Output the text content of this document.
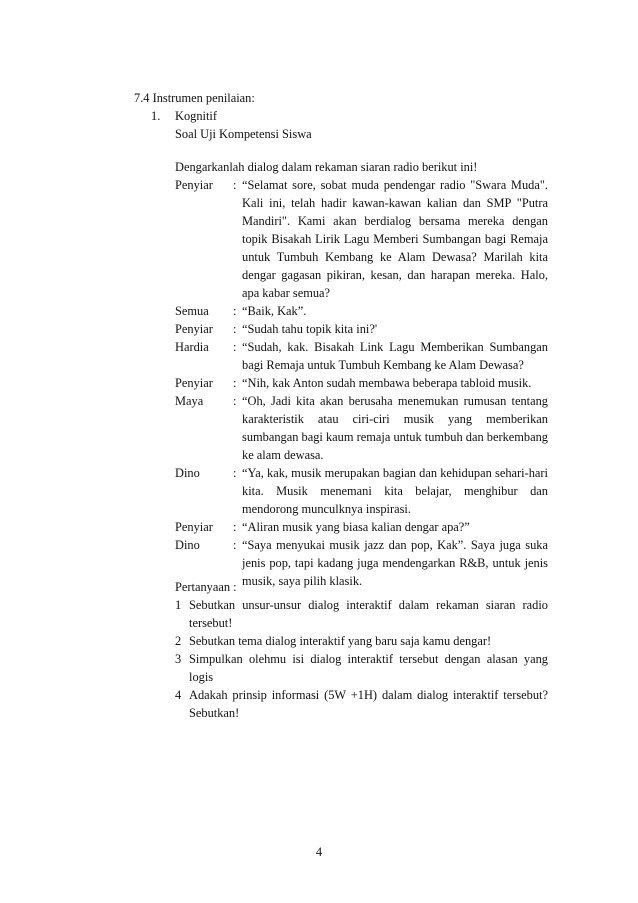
7.4 Instrumen penilaian:
1. Kognitif
Soal Uji Kompetensi Siswa
Dengarkanlah dialog dalam rekaman siaran radio berikut ini!
Penyiar	: “Selamat sore, sobat muda pendengar radio "Swara Muda". Kali ini, telah hadir kawan-kawan kalian dan SMP "Putra Mandiri". Kami akan berdialog bersama mereka dengan topik Bisakah Lirik Lagu Memberi Sumbangan bagi Remaja untuk Tumbuh Kembang ke Alam Dewasa? Marilah kita dengar gagasan pikiran, kesan, dan harapan mereka. Halo, apa kabar semua?
Semua	: “Baik, Kak”.
Penyiar	: “Sudah tahu topik kita ini?'
Hardia	: “Sudah, kak. Bisakah Link Lagu Memberikan Sumbangan bagi Remaja untuk Tumbuh Kembang ke Alam Dewasa?
Penyiar	: “Nih, kak Anton sudah membawa beberapa tabloid musik.
Maya	: “Oh, Jadi kita akan berusaha menemukan rumusan tentang karakteristik atau ciri-ciri musik yang memberikan sumbangan bagi kaum remaja untuk tumbuh dan berkembang ke alam dewasa.
Dino	: “Ya, kak, musik merupakan bagian dan kehidupan sehari-hari kita. Musik menemani kita belajar, menghibur dan mendorong munculknya inspirasi.
Penyiar	: “Aliran musik yang biasa kalian dengar apa?”
Dino	: “Saya menyukai musik jazz dan pop, Kak”. Saya juga suka jenis pop, tapi kadang juga mendengarkan R&B, untuk jenis musik, saya pilih klasik.
Pertanyaan :
1 Sebutkan unsur-unsur dialog interaktif dalam rekaman siaran radio tersebut!
2 Sebutkan tema dialog interaktif yang baru saja kamu dengar!
3 Simpulkan olehmu isi dialog interaktif tersebut dengan alasan yang logis
4 Adakah prinsip informasi (5W +1H) dalam dialog interaktif tersebut? Sebutkan!
4
